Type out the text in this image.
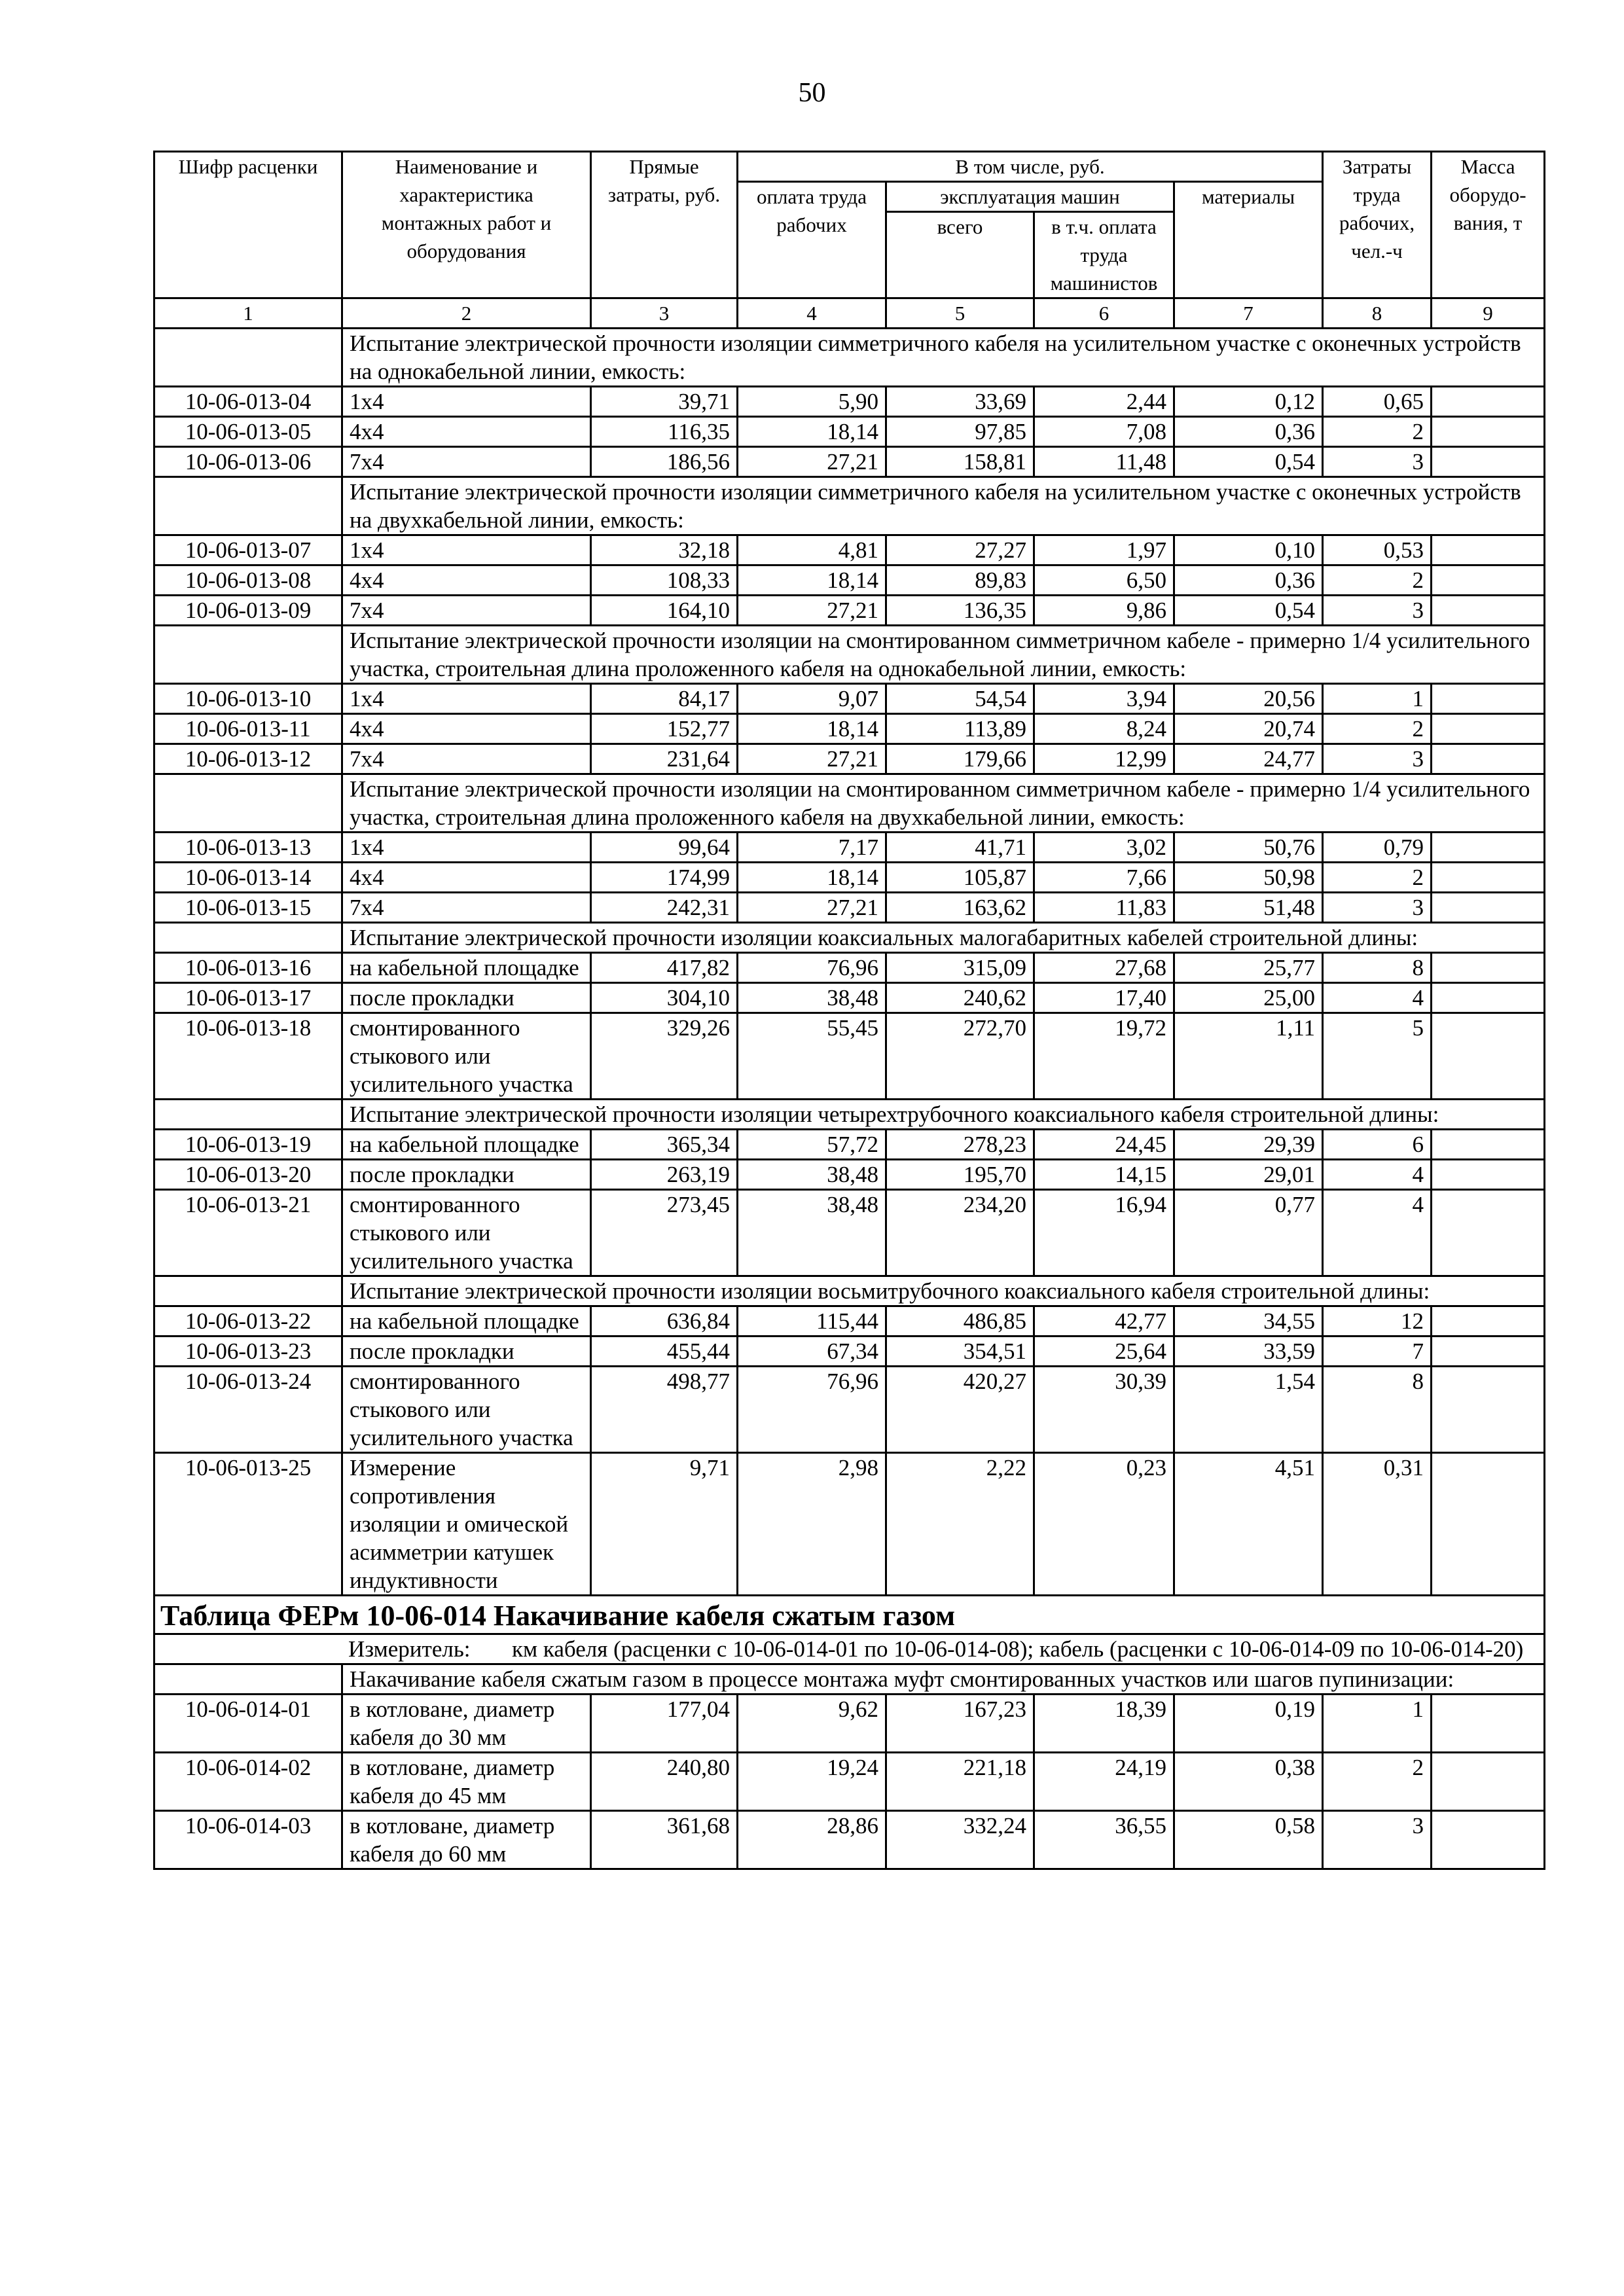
50
Шифр расценки	Наименование и характеристика монтажных работ и оборудования	Прямые затраты, руб.	В том числе, руб.				Затраты труда рабочих, чел.-ч	Масса оборудо-вания, т
			оплата труда рабочих	эксплуатация машин		материалы		
				всего	в т.ч. оплата труда машинистов			
1	2	3	4	5	6	7	8	9
	Испытание электрической прочности изоляции симметричного кабеля на усилительном участке с оконечных устройств на однокабельной линии, емкость:							
10-06-013-04	1х4	39,71	5,90	33,69	2,44	0,12	0,65	
10-06-013-05	4х4	116,35	18,14	97,85	7,08	0,36	2	
10-06-013-06	7х4	186,56	27,21	158,81	11,48	0,54	3	
	Испытание электрической прочности изоляции симметричного кабеля на усилительном участке с оконечных устройств на двухкабельной линии, емкость:							
10-06-013-07	1х4	32,18	4,81	27,27	1,97	0,10	0,53	
10-06-013-08	4х4	108,33	18,14	89,83	6,50	0,36	2	
10-06-013-09	7х4	164,10	27,21	136,35	9,86	0,54	3	
	Испытание электрической прочности изоляции на смонтированном симметричном кабеле - примерно 1/4 усилительного участка, строительная длина проложенного кабеля на однокабельной линии, емкость:							
10-06-013-10	1х4	84,17	9,07	54,54	3,94	20,56	1	
10-06-013-11	4х4	152,77	18,14	113,89	8,24	20,74	2	
10-06-013-12	7х4	231,64	27,21	179,66	12,99	24,77	3	
	Испытание электрической прочности изоляции на смонтированном симметричном кабеле - примерно 1/4 усилительного участка, строительная длина проложенного кабеля на двухкабельной линии, емкость:							
10-06-013-13	1х4	99,64	7,17	41,71	3,02	50,76	0,79	
10-06-013-14	4х4	174,99	18,14	105,87	7,66	50,98	2	
10-06-013-15	7х4	242,31	27,21	163,62	11,83	51,48	3	
	Испытание электрической прочности изоляции коаксиальных малогабаритных кабелей строительной длины:							
10-06-013-16	на кабельной площадке	417,82	76,96	315,09	27,68	25,77	8	
10-06-013-17	после прокладки	304,10	38,48	240,62	17,40	25,00	4	
10-06-013-18	смонтированного стыкового или усилительного участка	329,26	55,45	272,70	19,72	1,11	5	
	Испытание электрической прочности изоляции четырехтрубочного коаксиального кабеля строительной длины:							
10-06-013-19	на кабельной площадке	365,34	57,72	278,23	24,45	29,39	6	
10-06-013-20	после прокладки	263,19	38,48	195,70	14,15	29,01	4	
10-06-013-21	смонтированного стыкового или усилительного участка	273,45	38,48	234,20	16,94	0,77	4	
	Испытание электрической прочности изоляции восьмитрубочного коаксиального кабеля строительной длины:							
10-06-013-22	на кабельной площадке	636,84	115,44	486,85	42,77	34,55	12	
10-06-013-23	после прокладки	455,44	67,34	354,51	25,64	33,59	7	
10-06-013-24	смонтированного стыкового или усилительного участка	498,77	76,96	420,27	30,39	1,54	8	
10-06-013-25	Измерение сопротивления изоляции и омической асимметрии катушек индуктивности	9,71	2,98	2,22	0,23	4,51	0,31	
Таблица ФЕРм 10-06-014 Накачивание кабеля сжатым газом								

Измеритель: км кабеля (расценки с 10-06-014-01 по 10-06-014-08); кабель (расценки с 10-06-014-09 по 10-06-014-20)								

	Накачивание кабеля сжатым газом в процессе монтажа муфт смонтированных участков или шагов пупинизации:							
10-06-014-01	в котловане, диаметр кабеля до 30 мм	177,04	9,62	167,23	18,39	0,19	1	
10-06-014-02	в котловане, диаметр кабеля до 45 мм	240,80	19,24	221,18	24,19	0,38	2	
10-06-014-03	в котловане, диаметр кабеля до 60 мм	361,68	28,86	332,24	36,55	0,58	3	
